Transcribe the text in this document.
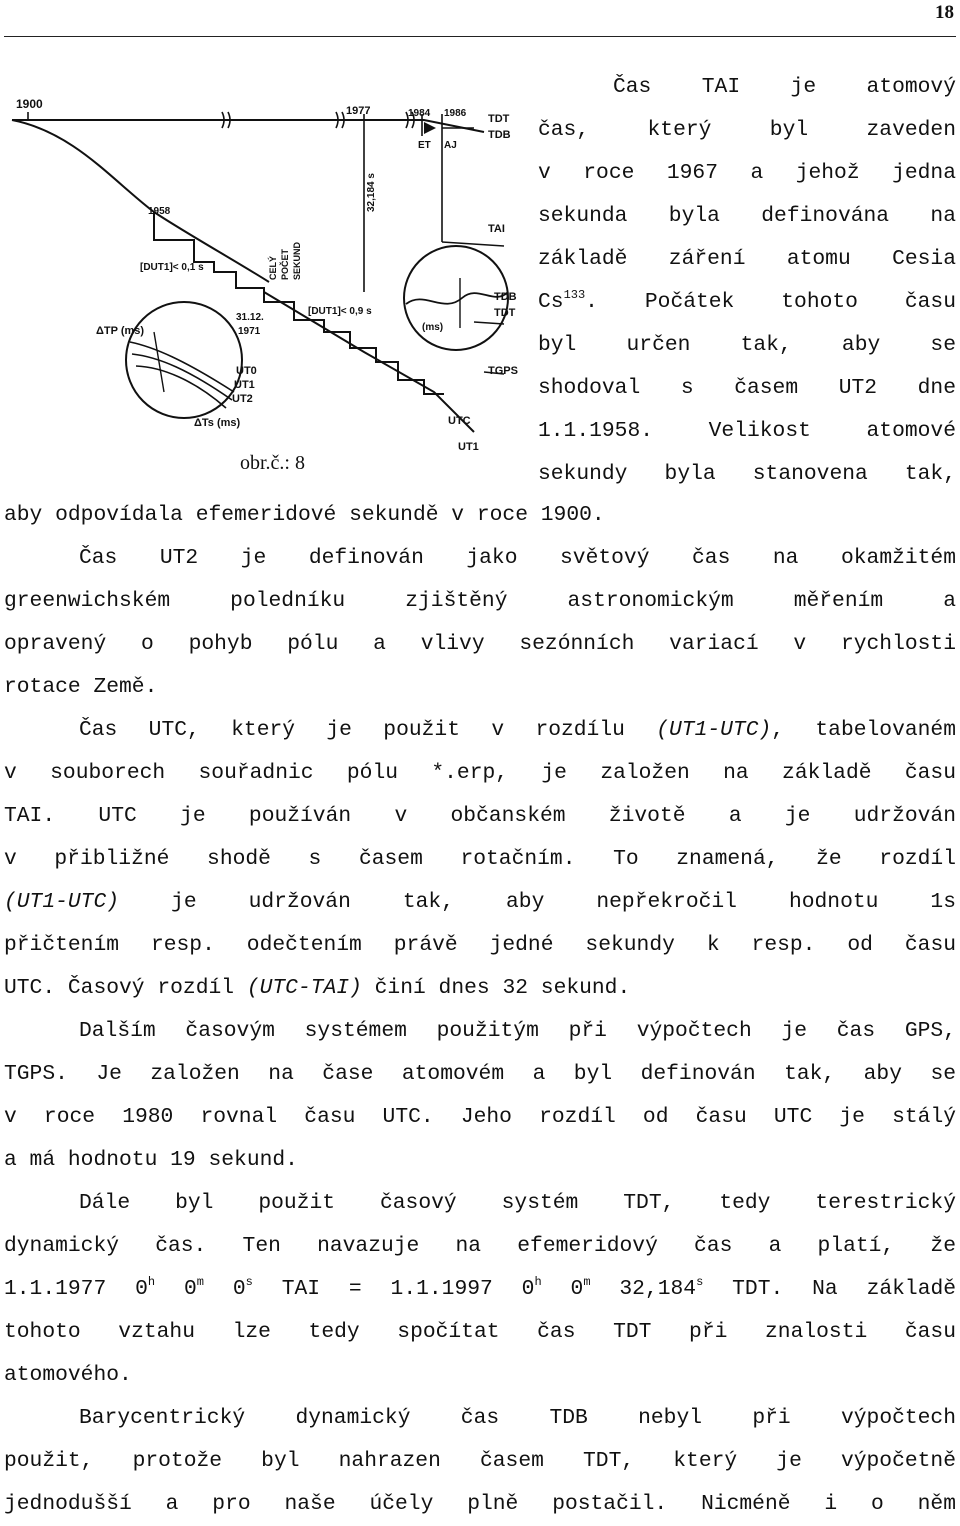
18
1900	1977	1984 1986 TDT
TDB
ET AJ
TAI
32,184 s
1958
[DUT1]< 0,1 s	CELÝ POČET SEKUND
31.12.
1971
[DUT1]< 0,9 s
ΔTP (ms)
ΔTs (ms)
UT0
UT1
UT2
(ms)
TDB
TDT
TGPS
UTC
UT1
obr.č.: 8
Čas TAI je atomový
čas, který byl zaveden
v roce 1967 a jehož jedna
sekunda byla definována na
základě záření atomu Cesia
Cs$^{133}$. Počátek tohoto času
byl určen tak, aby se
shodoval s časem UT2 dne
1.1.1958. Velikost atomové
sekundy byla stanovena tak,
aby odpovídala efemeridové sekundě v roce 1900.
Čas UT2 je definován jako světový čas na okamžitém
greenwichském poledníku zjištěný astronomickým měřením a
opravený o pohyb pólu a vlivy sezónních variací v rychlosti
rotace Země.
Čas UTC, který je použit v rozdílu (UT1-UTC), tabelovaném
v souborech souřadnic pólu *.erp, je založen na základě času
TAI. UTC je používán v občanském životě a je udržován
v přibližné shodě s časem rotačním. To znamená, že rozdíl
(UT1-UTC) je udržován tak, aby nepřekročil hodnotu 1s
přičtením resp. odečtením právě jedné sekundy k resp. od času
UTC. Časový rozdíl (UTC-TAI) činí dnes 32 sekund.
Dalším časovým systémem použitým při výpočtech je čas GPS,
TGPS. Je založen na čase atomovém a byl definován tak, aby se
v roce 1980 rovnal času UTC. Jeho rozdíl od času UTC je stálý
a má hodnotu 19 sekund.
Dále byl použit časový systém TDT, tedy terestrický
dynamický čas. Ten navazuje na efemeridový čas a platí, že
1.1.1977 0$^h$ 0$^m$ 0$^s$ TAI = 1.1.1997 0$^h$ 0$^m$ 32,184$^s$ TDT. Na základě
tohoto vztahu lze tedy spočítat čas TDT při znalosti času
atomového.
Barycentrický dynamický čas TDB nebyl při výpočtech
použit, protože byl nahrazen časem TDT, který je výpočetně
jednodušší a pro naše účely plně postačil. Nicméně i o něm
